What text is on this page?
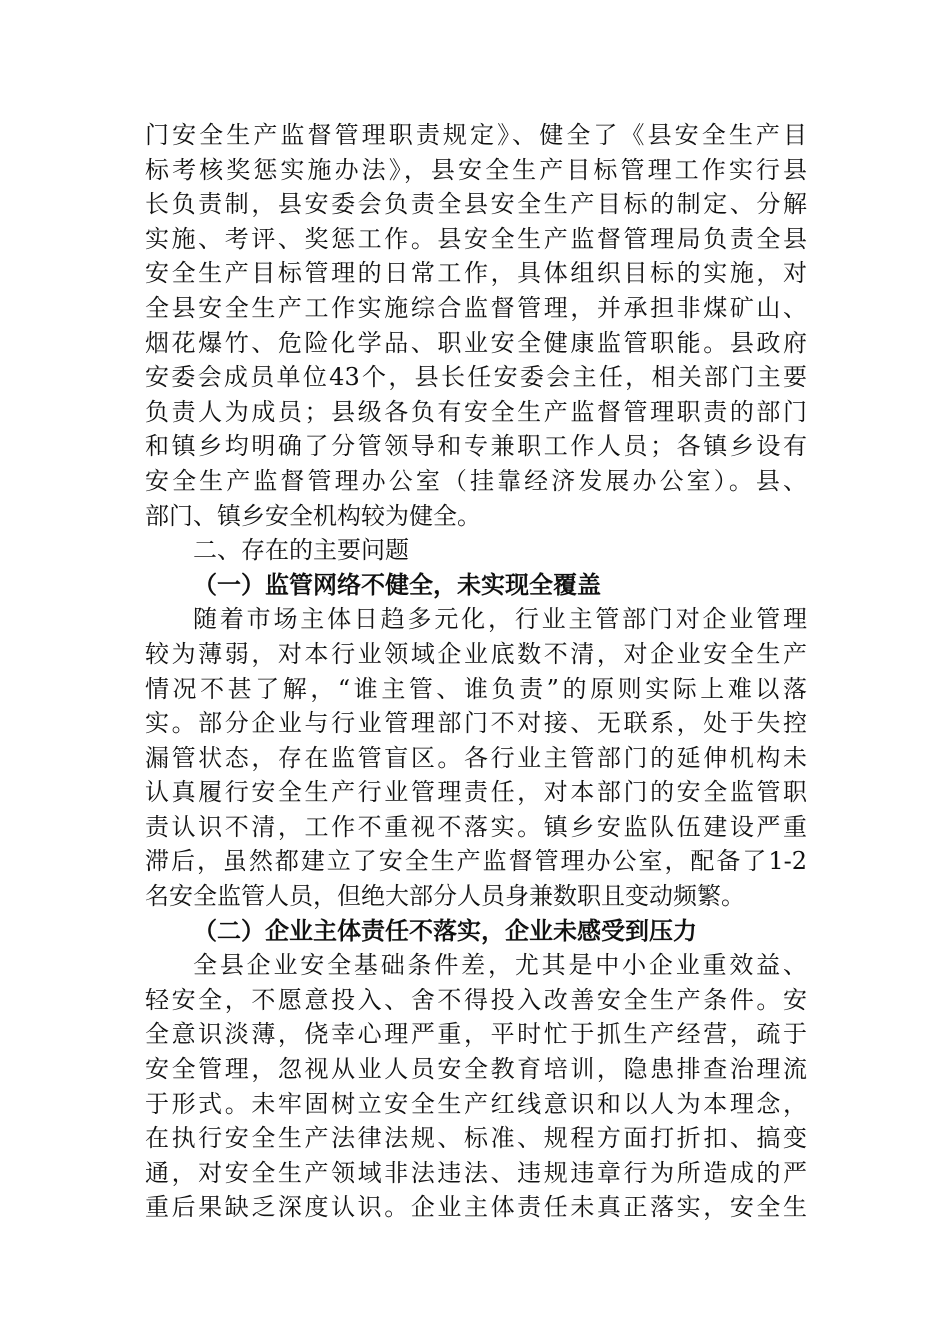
门安全生产监督管理职责规定》、健全了《县安全生产目
标考核奖惩实施办法》，县安全生产目标管理工作实行县
长负责制，县安委会负责全县安全生产目标的制定、分解
实施、考评、奖惩工作。县安全生产监督管理局负责全县
安全生产目标管理的日常工作，具体组织目标的实施，对
全县安全生产工作实施综合监督管理，并承担非煤矿山、
烟花爆竹、危险化学品、职业安全健康监管职能。县政府
安委会成员单位43个，县长任安委会主任，相关部门主要
负责人为成员；县级各负有安全生产监督管理职责的部门
和镇乡均明确了分管领导和专兼职工作人员；各镇乡设有
安全生产监督管理办公室（挂靠经济发展办公室）。县、
部门、镇乡安全机构较为健全。
二、存在的主要问题
（一）监管网络不健全，未实现全覆盖
随着市场主体日趋多元化，行业主管部门对企业管理
较为薄弱，对本行业领域企业底数不清，对企业安全生产
情况不甚了解，“谁主管、谁负责”的原则实际上难以落
实。部分企业与行业管理部门不对接、无联系，处于失控
漏管状态，存在监管盲区。各行业主管部门的延伸机构未
认真履行安全生产行业管理责任，对本部门的安全监管职
责认识不清，工作不重视不落实。镇乡安监队伍建设严重
滞后，虽然都建立了安全生产监督管理办公室，配备了1-2
名安全监管人员，但绝大部分人员身兼数职且变动频繁。
（二）企业主体责任不落实，企业未感受到压力
全县企业安全基础条件差，尤其是中小企业重效益、
轻安全，不愿意投入、舍不得投入改善安全生产条件。安
全意识淡薄，侥幸心理严重，平时忙于抓生产经营，疏于
安全管理，忽视从业人员安全教育培训，隐患排查治理流
于形式。未牢固树立安全生产红线意识和以人为本理念，
在执行安全生产法律法规、标准、规程方面打折扣、搞变
通，对安全生产领域非法违法、违规违章行为所造成的严
重后果缺乏深度认识。企业主体责任未真正落实，安全生
